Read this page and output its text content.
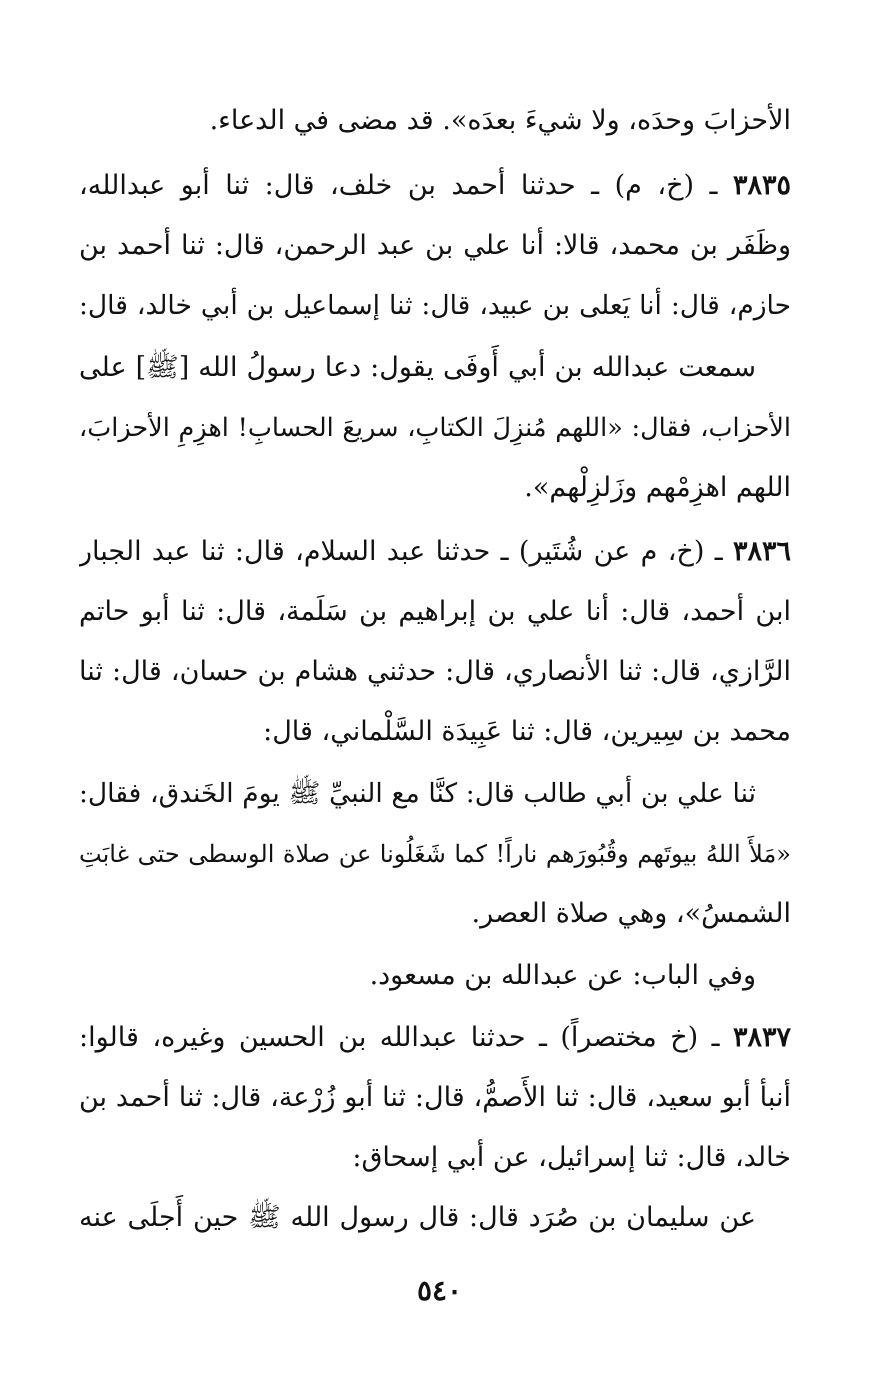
الأحزابَ وحدَه، ولا شيءَ بعدَه». قد مضى في الدعاء.
٣٨٣٥ ـ (خ، م) ـ حدثنا أحمد بن خلف، قال: ثنا أبو عبدالله،
وظَفَر بن محمد، قالا: أنا علي بن عبد الرحمن، قال: ثنا أحمد بن
حازم، قال: أنا يَعلى بن عبيد، قال: ثنا إسماعيل بن أبي خالد، قال:
سمعت عبدالله بن أبي أَوفَى يقول: دعا رسولُ الله [ﷺ] على
الأحزاب، فقال: «اللهم مُنزِلَ الكتابِ، سريعَ الحسابِ! اهزِمِ الأحزابَ،
اللهم اهزِمْهم وزَلزِلْهم».
٣٨٣٦ ـ (خ، م عن شُتَير) ـ حدثنا عبد السلام، قال: ثنا عبد الجبار
ابن أحمد، قال: أنا علي بن إبراهيم بن سَلَمة، قال: ثنا أبو حاتم
الرَّازي، قال: ثنا الأنصاري، قال: حدثني هشام بن حسان، قال: ثنا
محمد بن سِيرين، قال: ثنا عَبِيدَة السَّلْماني، قال:
ثنا علي بن أبي طالب قال: كنَّا مع النبيِّ ﷺ يومَ الخَندق، فقال:
«مَلأَ اللهُ بيوتَهم وقُبُورَهم ناراً! كما شَغَلُونا عن صلاة الوسطى حتى غابَتِ
الشمسُ»، وهي صلاة العصر.
وفي الباب: عن عبدالله بن مسعود.
٣٨٣٧ ـ (خ مختصراً) ـ حدثنا عبدالله بن الحسين وغيره، قالوا:
أنبأ أبو سعيد، قال: ثنا الأَصمُّ، قال: ثنا أبو زُرْعة، قال: ثنا أحمد بن
خالد، قال: ثنا إسرائيل، عن أبي إسحاق:
عن سليمان بن صُرَد قال: قال رسول الله ﷺ حين أَجلَى عنه
٥٤٠
